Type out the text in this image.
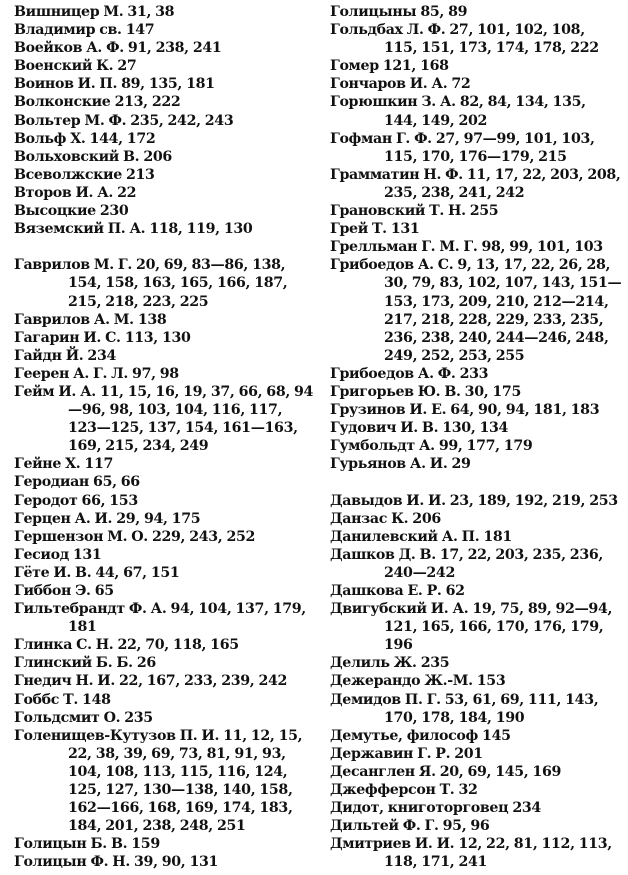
Вишницер М. 31, 38
Владимир св. 147
Воейков А. Ф. 91, 238, 241
Военский К. 27
Воинов И. П. 89, 135, 181
Волконские 213, 222
Вольтер М. Ф. 235, 242, 243
Вольф Х. 144, 172
Вольховский В. 206
Всеволжские 213
Второв И. А. 22
Высоцкие 230
Вяземский П. А. 118, 119, 130
Гаврилов М. Г. 20, 69, 83—86, 138, 154, 158, 163, 165, 166, 187, 215, 218, 223, 225
Гаврилов А. М. 138
Гагарин И. С. 113, 130
Гайдн Й. 234
Геерен А. Г. Л. 97, 98
Гейм И. А. 11, 15, 16, 19, 37, 66, 68, 94—96, 98, 103, 104, 116, 117, 123—125, 137, 154, 161—163, 169, 215, 234, 249
Гейне Х. 117
Геродиан 65, 66
Геродот 66, 153
Герцен А. И. 29, 94, 175
Гершензон М. О. 229, 243, 252
Гесиод 131
Гёте И. В. 44, 67, 151
Гиббон Э. 65
Гильтебрандт Ф. А. 94, 104, 137, 179, 181
Глинка С. Н. 22, 70, 118, 165
Глинский Б. Б. 26
Гнедич Н. И. 22, 167, 233, 239, 242
Гоббс Т. 148
Гольдсмит О. 235
Голенищев-Кутузов П. И. 11, 12, 15, 22, 38, 39, 69, 73, 81, 91, 93, 104, 108, 113, 115, 116, 124, 125, 127, 130—138, 140, 158, 162—166, 168, 169, 174, 183, 184, 201, 238, 248, 251
Голицын Б. В. 159
Голицын Ф. Н. 39, 90, 131
Голицыны 85, 89
Гольдбах Л. Ф. 27, 101, 102, 108, 115, 151, 173, 174, 178, 222
Гомер 121, 168
Гончаров И. А. 72
Горюшкин З. А. 82, 84, 134, 135, 144, 149, 202
Гофман Г. Ф. 27, 97—99, 101, 103, 115, 170, 176—179, 215
Грамматин Н. Ф. 11, 17, 22, 203, 208, 235, 238, 241, 242
Грановский Т. Н. 255
Грей Т. 131
Грелльман Г. М. Г. 98, 99, 101, 103
Грибоедов А. С. 9, 13, 17, 22, 26, 28, 30, 79, 83, 102, 107, 143, 151—153, 173, 209, 210, 212—214, 217, 218, 228, 229, 233, 235, 236, 238, 240, 244—246, 248, 249, 252, 253, 255
Грибоедов А. Ф. 233
Григорьев Ю. В. 30, 175
Грузинов И. Е. 64, 90, 94, 181, 183
Гудович И. В. 130, 134
Гумбольдт А. 99, 177, 179
Гурьянов А. И. 29
Давыдов И. И. 23, 189, 192, 219, 253
Данзас К. 206
Данилевский А. П. 181
Дашков Д. В. 17, 22, 203, 235, 236, 240—242
Дашкова Е. Р. 62
Двигубский И. А. 19, 75, 89, 92—94, 121, 165, 166, 170, 176, 179, 196
Делиль Ж. 235
Дежерандо Ж.-М. 153
Демидов П. Г. 53, 61, 69, 111, 143, 170, 178, 184, 190
Демутье, философ 145
Державин Г. Р. 201
Десанглен Я. 20, 69, 145, 169
Джефферсон Т. 32
Дидот, книготорговец 234
Дильтей Ф. Г. 95, 96
Дмитриев И. И. 12, 22, 81, 112, 113, 118, 171, 241
